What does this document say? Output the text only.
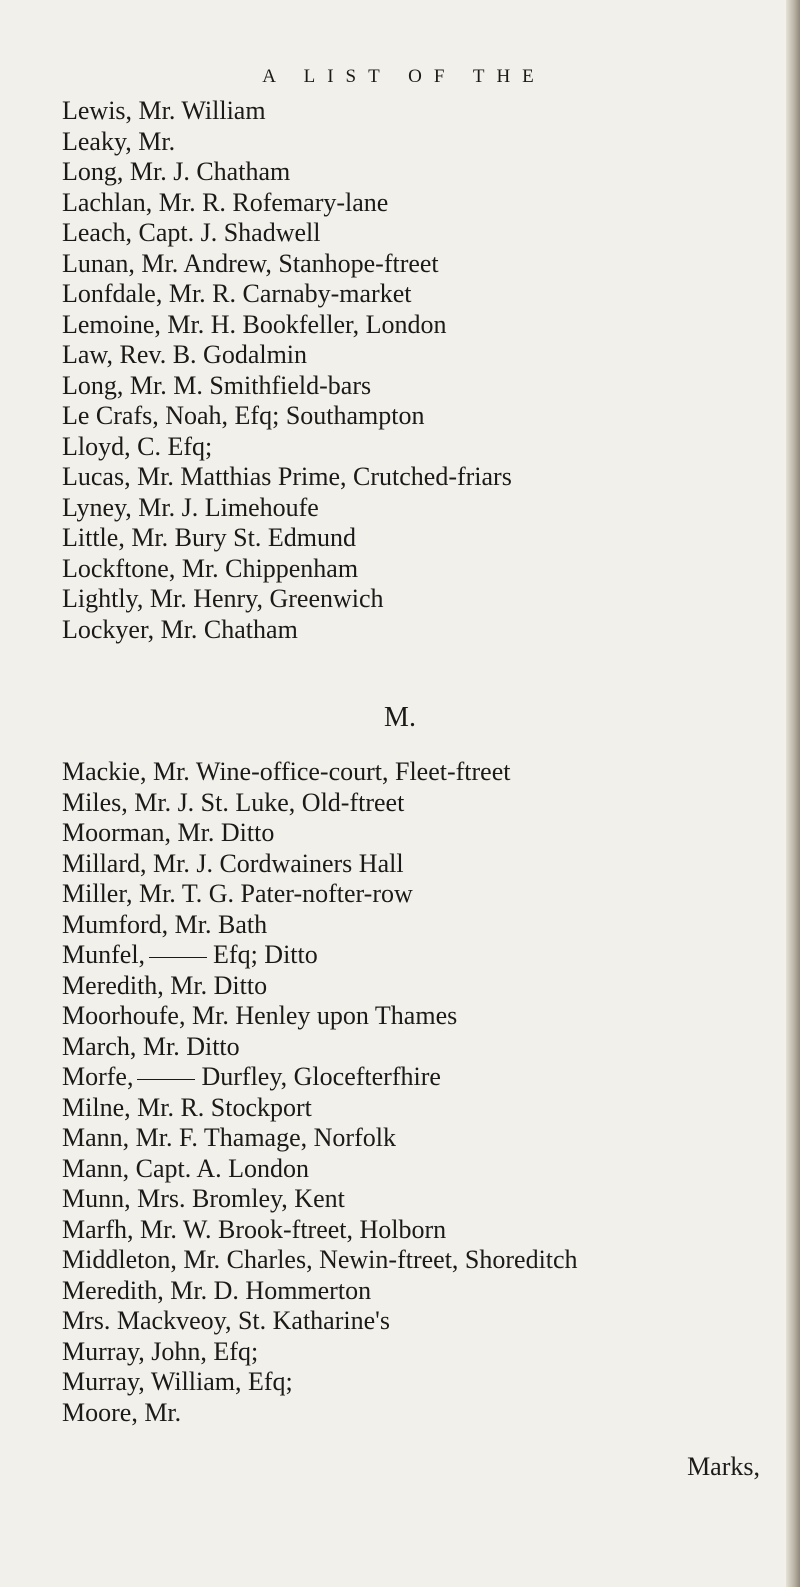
A LIST OF THE
Lewis, Mr. William
Leaky, Mr.
Long, Mr. J. Chatham
Lachlan, Mr. R. Rofemary-lane
Leach, Capt. J. Shadwell
Lunan, Mr. Andrew, Stanhope-ftreet
Lonfdale, Mr. R. Carnaby-market
Lemoine, Mr. H. Bookfeller, London
Law, Rev. B. Godalmin
Long, Mr. M. Smithfield-bars
Le Crafs, Noah, Efq; Southampton
Lloyd, C. Efq;
Lucas, Mr. Matthias Prime, Crutched-friars
Lyney, Mr. J. Limehoufe
Little, Mr. Bury St. Edmund
Lockftone, Mr. Chippenham
Lightly, Mr. Henry, Greenwich
Lockyer, Mr. Chatham
M.
Mackie, Mr. Wine-office-court, Fleet-ftreet
Miles, Mr. J. St. Luke, Old-ftreet
Moorman, Mr. Ditto
Millard, Mr. J. Cordwainers Hall
Miller, Mr. T. G. Pater-nofter-row
Mumford, Mr. Bath
Munfel,	Efq; Ditto
Meredith, Mr. Ditto
Moorhoufe, Mr. Henley upon Thames
March, Mr. Ditto
Morfe,	Durfley, Glocefterfhire
Milne, Mr. R. Stockport
Mann, Mr. F. Thamage, Norfolk
Mann, Capt. A. London
Munn, Mrs. Bromley, Kent
Marfh, Mr. W. Brook-ftreet, Holborn
Middleton, Mr. Charles, Newin-ftreet, Shoreditch
Meredith, Mr. D. Hommerton
Mrs. Mackveoy, St. Katharine's
Murray, John, Efq;
Murray, William, Efq;
Moore, Mr.
Marks,
